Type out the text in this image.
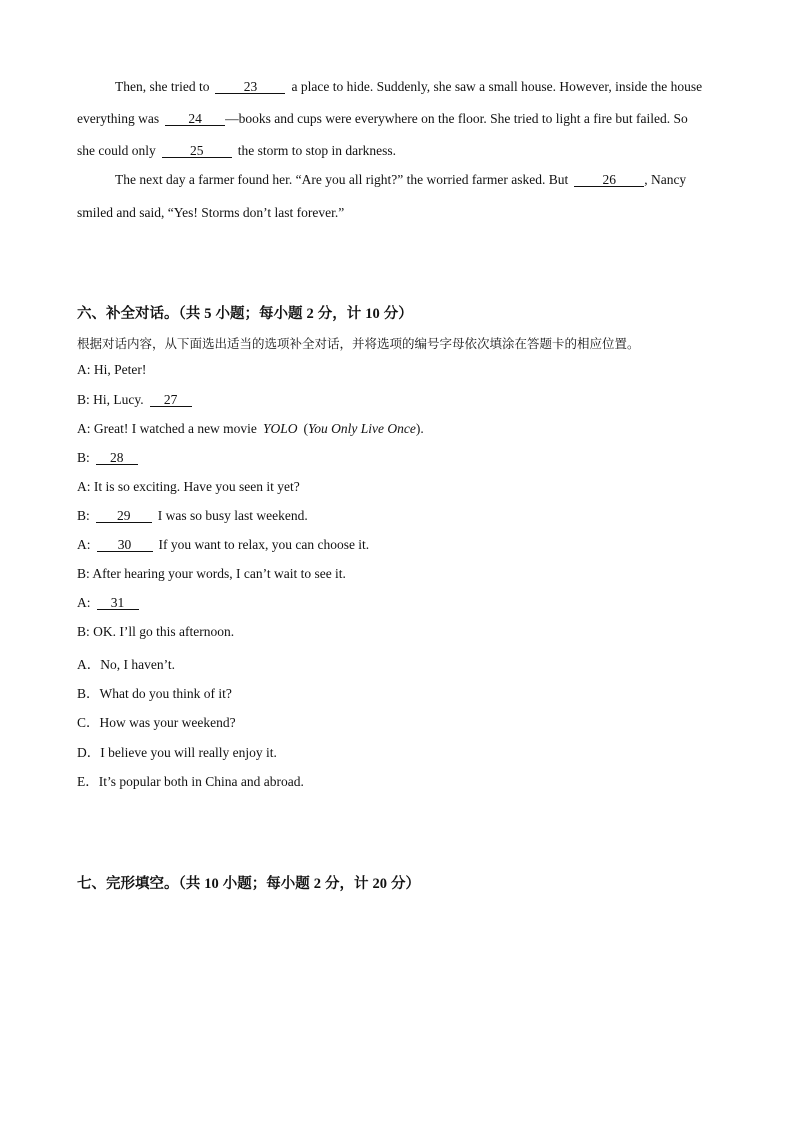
Then, she tried to	23	a place to hide. Suddenly, she saw a small house. However, inside the house
everything was 24 —books and cups were everywhere on the floor. She tried to light a fire but failed. So
she could only	25	the storm to stop in darkness.
The next day a farmer found her. “Are you all right?” the worried farmer asked. But	26 , Nancy
smiled and said, “Yes! Storms don’t last forever.”
六、补全对话。（共 5 小题；每小题 2 分，计 10 分）
根据对话内容，从下面选出适当的选项补全对话，并将选项的编号字母依次填涂在答题卡的相应位置。
A: Hi, Peter!
B: Hi, Lucy. 27
A: Great! I watched a new movie YOLO (You Only Live Once).
B: 28
A: It is so exciting. Have you seen it yet?
B: 29 I was so busy last weekend.
A: 30 If you want to relax, you can choose it.
B: After hearing your words, I can’t wait to see it.
A: 31
B: OK. I’ll go this afternoon.
A．No, I haven’t.
B．What do you think of it?
C．How was your weekend?
D．I believe you will really enjoy it.
E．It’s popular both in China and abroad.
七、完形填空。（共 10 小题；每小题 2 分，计 20 分）
